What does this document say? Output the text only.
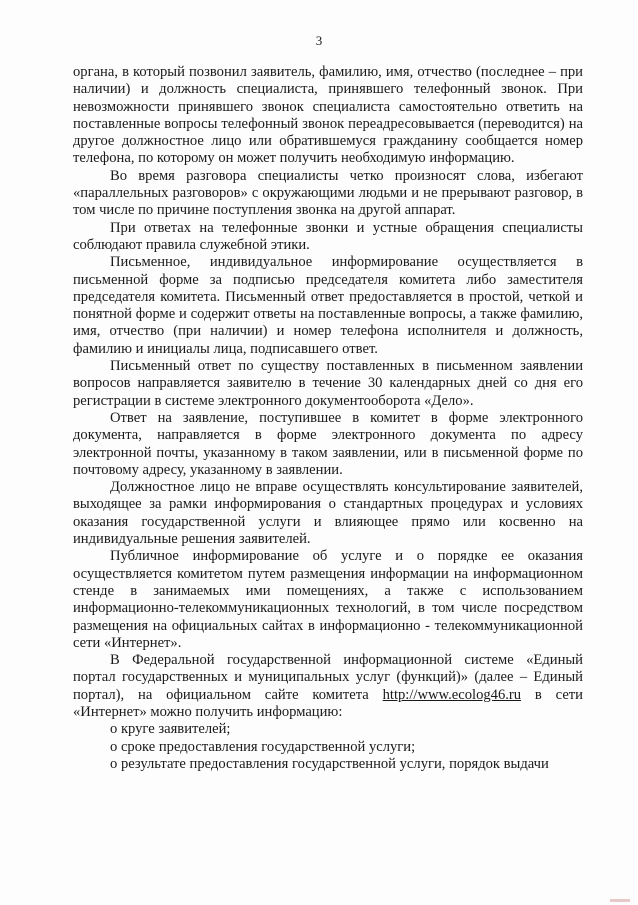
3

органа, в который позвонил заявитель, фамилию, имя, отчество (последнее – при наличии) и должность специалиста, принявшего телефонный звонок. При невозможности принявшего звонок специалиста самостоятельно ответить на поставленные вопросы телефонный звонок переадресовывается (переводится) на другое должностное лицо или обратившемуся гражданину сообщается номер телефона, по которому он может получить необходимую информацию.

Во время разговора специалисты четко произносят слова, избегают «параллельных разговоров» с окружающими людьми и не прерывают разговор, в том числе по причине поступления звонка на другой аппарат.

При ответах на телефонные звонки и устные обращения специалисты соблюдают правила служебной этики.

Письменное, индивидуальное информирование осуществляется в письменной форме за подписью председателя комитета либо заместителя председателя комитета. Письменный ответ предоставляется в простой, четкой и понятной форме и содержит ответы на поставленные вопросы, а также фамилию, имя, отчество (при наличии) и номер телефона исполнителя и должность, фамилию и инициалы лица, подписавшего ответ.

Письменный ответ по существу поставленных в письменном заявлении вопросов направляется заявителю в течение 30 календарных дней со дня его регистрации в системе электронного документооборота «Дело».

Ответ на заявление, поступившее в комитет в форме электронного документа, направляется в форме электронного документа по адресу электронной почты, указанному в таком заявлении, или в письменной форме по почтовому адресу, указанному в заявлении.

Должностное лицо не вправе осуществлять консультирование заявителей, выходящее за рамки информирования о стандартных процедурах и условиях оказания государственной услуги и влияющее прямо или косвенно на индивидуальные решения заявителей.

Публичное информирование об услуге и о порядке ее оказания осуществляется комитетом путем размещения информации на информационном стенде в занимаемых ими помещениях, а также с использованием информационно-телекоммуникационных технологий, в том числе посредством размещения на официальных сайтах в информационно - телекоммуникационной сети «Интернет».

В Федеральной государственной информационной системе «Единый портал государственных и муниципальных услуг (функций)» (далее – Единый портал), на официальном сайте комитета http://www.ecolog46.ru в сети «Интернет» можно получить информацию:

о круге заявителей;

о сроке предоставления государственной услуги;

о результате предоставления государственной услуги, порядок выдачи
